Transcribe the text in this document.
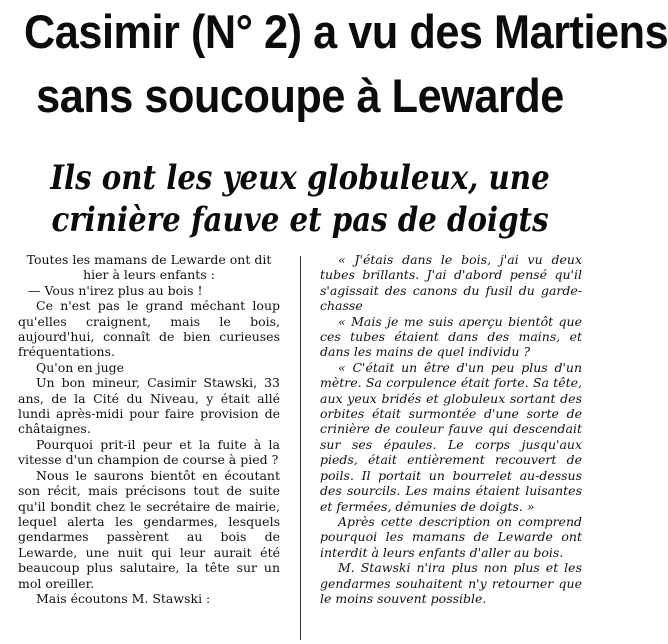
Casimir (N° 2) a vu des Martiens
sans soucoupe à Lewarde
Ils ont les yeux globuleux, une
crinière fauve et pas de doigts

Toutes les mamans de Lewarde ont dit hier à leurs enfants :

— Vous n'irez plus au bois !

Ce n'est pas le grand méchant loup qu'elles craignent, mais le bois, aujourd'hui, connaît de bien curieuses fréquentations.

Qu'on en juge

Un bon mineur, Casimir Stawski, 33 ans, de la Cité du Niveau, y était allé lundi après-midi pour faire provision de châtaignes.

Pourquoi prit-il peur et la fuite à la vitesse d'un champion de course à pied ?

Nous le saurons bientôt en écoutant son récit, mais précisons tout de suite qu'il bondit chez le secrétaire de mairie, lequel alerta les gendarmes, lesquels gendarmes passèrent au bois de Lewarde, une nuit qui leur aurait été beaucoup plus salutaire, la tête sur un mol oreiller.

Mais écoutons M. Stawski :

« J'étais dans le bois, j'ai vu deux tubes brillants. J'ai d'abord pensé qu'il s'agissait des canons du fusil du garde-chasse

« Mais je me suis aperçu bientôt que ces tubes étaient dans des mains, et dans les mains de quel individu ?

« C'était un être d'un peu plus d'un mètre. Sa corpulence était forte. Sa tête, aux yeux bridés et globuleux sortant des orbites était surmontée d'une sorte de crinière de couleur fauve qui descendait sur ses épaules. Le corps jusqu'aux pieds, était entièrement recouvert de poils. Il portait un bourrelet au-dessus des sourcils. Les mains étaient luisantes et fermées, démunies de doigts. »

Après cette description on comprend pourquoi les mamans de Lewarde ont interdit à leurs enfants d'aller au bois.

M. Stawski n'ira plus non plus et les gendarmes souhaitent n'y retourner que le moins souvent possible.
